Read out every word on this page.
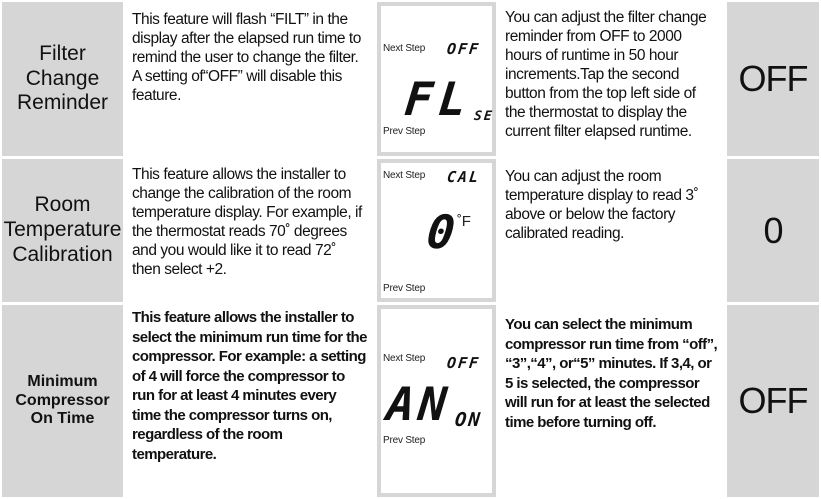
Filter Change Reminder
This feature will flash “FILT” in the display after the elapsed run time to remind the user to change the filter. A setting of“OFF” will disable this feature.
Next Step OFF
FL
SE
Prev Step
You can adjust the filter change reminder from OFF to 2000 hours of runtime in 50 hour increments.Tap the second button from the top left side of the thermostat to display the current filter elapsed runtime.
OFF
Room Temperature Calibration
This feature allows the installer to change the calibration of the room temperature display. For example, if the thermostat reads 70˚ degrees and you would like it to read 72˚ then select +2.
Next Step CAL
0
˚F
Prev Step
You can adjust the room temperature display to read 3˚ above or below the factory calibrated reading.	0
Minimum Compressor On Time
This feature allows the installer to select the minimum run time for the compressor. For example: a setting of 4 will force the compressor to run for at least 4 minutes every time the compressor turns on, regardless of the room temperature.
Next Step OFF
AN ON
Prev Step
You can select the minimum compressor run time from “off”, “3”,“4”, or“5” minutes. If 3,4, or 5 is selected, the compressor will run for at least the selected time before turning off.
OFF
